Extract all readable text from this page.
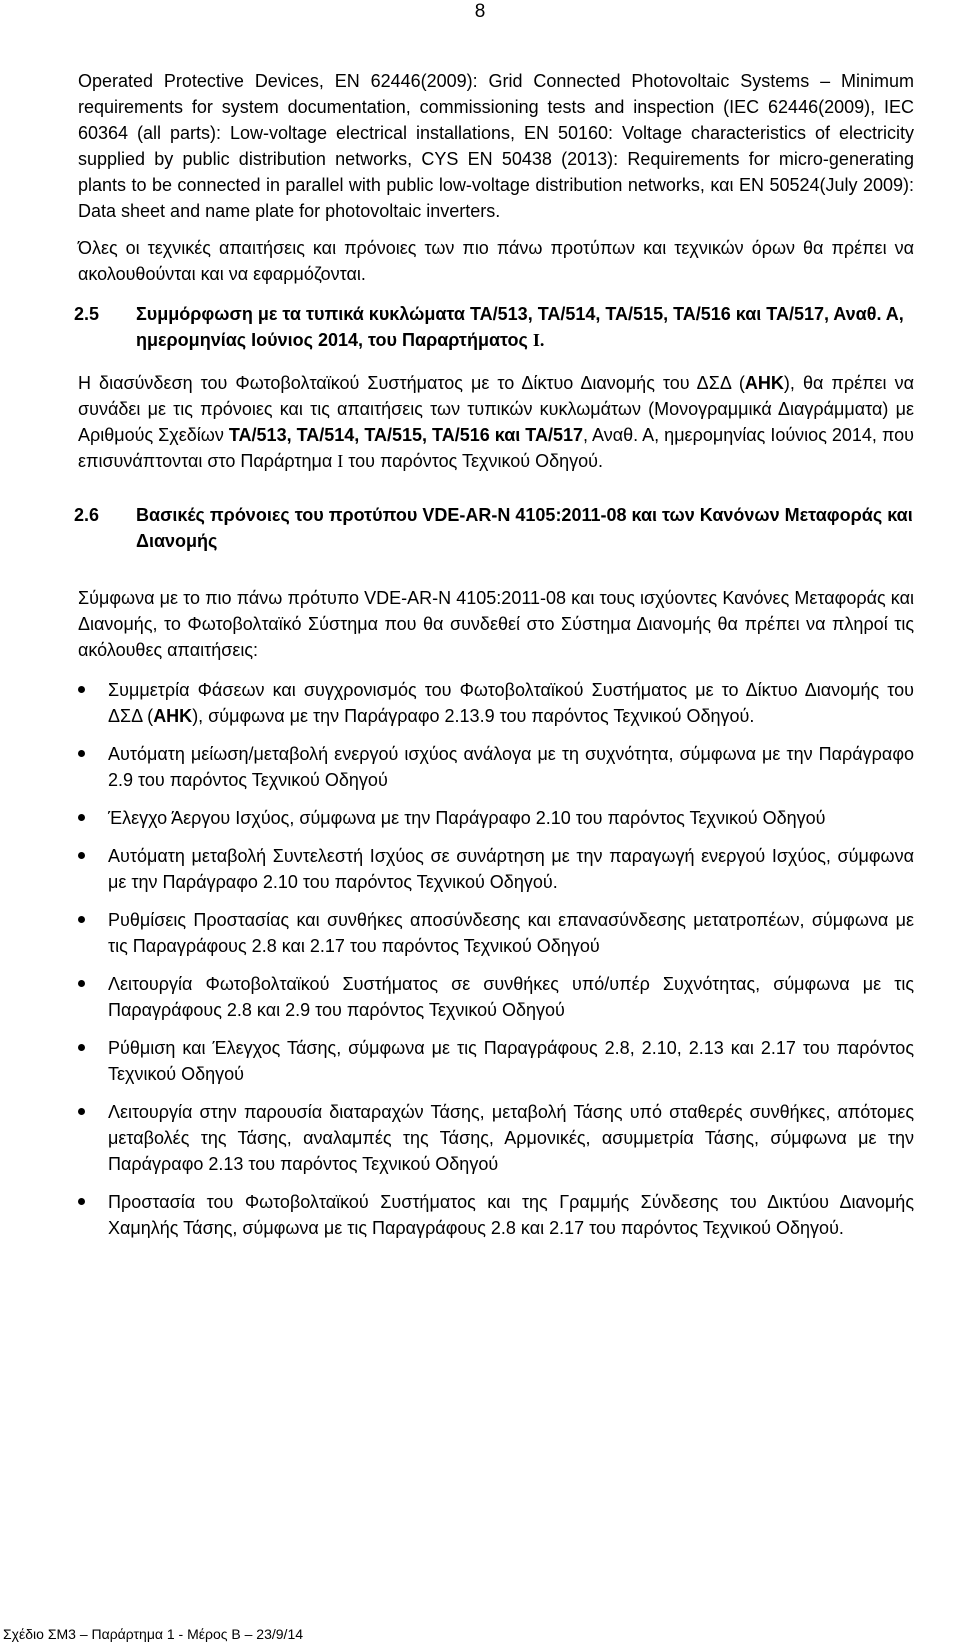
8

Operated Protective Devices, EN 62446(2009): Grid Connected Photovoltaic Systems – Minimum requirements for system documentation, commissioning tests and inspection (IEC 62446(2009), IEC 60364 (all parts): Low-voltage electrical installations, EN 50160: Voltage characteristics of electricity supplied by public distribution networks, CYS EN 50438 (2013): Requirements for micro-generating plants to be connected in parallel with public low-voltage distribution networks, και EN 50524(July 2009): Data sheet and name plate for photovoltaic inverters.

Όλες οι τεχνικές απαιτήσεις και πρόνοιες των πιο πάνω προτύπων και τεχνικών όρων θα πρέπει να ακολουθούνται και να εφαρμόζονται.

2.5	Συμμόρφωση με τα τυπικά κυκλώματα ΤΑ/513, ΤΑ/514, ΤΑ/515, ΤΑ/516 και ΤΑ/517, Αναθ. Α, ημερομηνίας Ιούνιος 2014, του Παραρτήματος Ι.

Η διασύνδεση του Φωτοβολταϊκού Συστήματος με το Δίκτυο Διανομής του ΔΣΔ (ΑΗΚ), θα πρέπει να συνάδει με τις πρόνοιες και τις απαιτήσεις των τυπικών κυκλωμάτων (Μονογραμμικά Διαγράμματα) με Αριθμούς Σχεδίων ΤΑ/513, ΤΑ/514, ΤΑ/515, ΤΑ/516 και ΤΑ/517, Αναθ. Α, ημερομηνίας Ιούνιος 2014, που επισυνάπτονται στο Παράρτημα Ι του παρόντος Τεχνικού Οδηγού.

2.6	Βασικές πρόνοιες του προτύπου VDE-AR-N 4105:2011-08 και των Κανόνων Μεταφοράς και Διανομής

Σύμφωνα με το πιο πάνω πρότυπο VDE-AR-N 4105:2011-08 και τους ισχύοντες Κανόνες Μεταφοράς και Διανομής, το Φωτοβολταϊκό Σύστημα που θα συνδεθεί στο Σύστημα Διανομής θα πρέπει να πληροί τις ακόλουθες απαιτήσεις:

Συμμετρία Φάσεων και συγχρονισμός του Φωτοβολταϊκού Συστήματος με το Δίκτυο Διανομής του ΔΣΔ (ΑΗΚ), σύμφωνα με την Παράγραφο 2.13.9 του παρόντος Τεχνικού Οδηγού.
Αυτόματη μείωση/μεταβολή ενεργού ισχύος ανάλογα με τη συχνότητα, σύμφωνα με την Παράγραφο 2.9 του παρόντος Τεχνικού Οδηγού
Έλεγχο Άεργου Ισχύος, σύμφωνα με την Παράγραφο 2.10 του παρόντος Τεχνικού Οδηγού
Αυτόματη μεταβολή Συντελεστή Ισχύος σε συνάρτηση με την παραγωγή ενεργού Ισχύος, σύμφωνα με την Παράγραφο 2.10 του παρόντος Τεχνικού Οδηγού.
Ρυθμίσεις Προστασίας και συνθήκες αποσύνδεσης και επανασύνδεσης μετατροπέων, σύμφωνα με τις Παραγράφους 2.8 και 2.17 του παρόντος Τεχνικού Οδηγού
Λειτουργία Φωτοβολταϊκού Συστήματος σε συνθήκες υπό/υπέρ Συχνότητας, σύμφωνα με τις Παραγράφους 2.8 και 2.9 του παρόντος Τεχνικού Οδηγού
Ρύθμιση και Έλεγχος Τάσης, σύμφωνα με τις Παραγράφους 2.8, 2.10, 2.13 και 2.17 του παρόντος Τεχνικού Οδηγού
Λειτουργία στην παρουσία διαταραχών Τάσης, μεταβολή Τάσης υπό σταθερές συνθήκες, απότομες μεταβολές της Τάσης, αναλαμπές της Τάσης, Αρμονικές, ασυμμετρία Τάσης, σύμφωνα με την Παράγραφο 2.13 του παρόντος Τεχνικού Οδηγού
Προστασία του Φωτοβολταϊκού Συστήματος και της Γραμμής Σύνδεσης του Δικτύου Διανομής Χαμηλής Τάσης, σύμφωνα με τις Παραγράφους 2.8 και 2.17 του παρόντος Τεχνικού Οδηγού.
Σχέδιο ΣΜ3 – Παράρτημα 1 - Μέρος Β – 23/9/14
